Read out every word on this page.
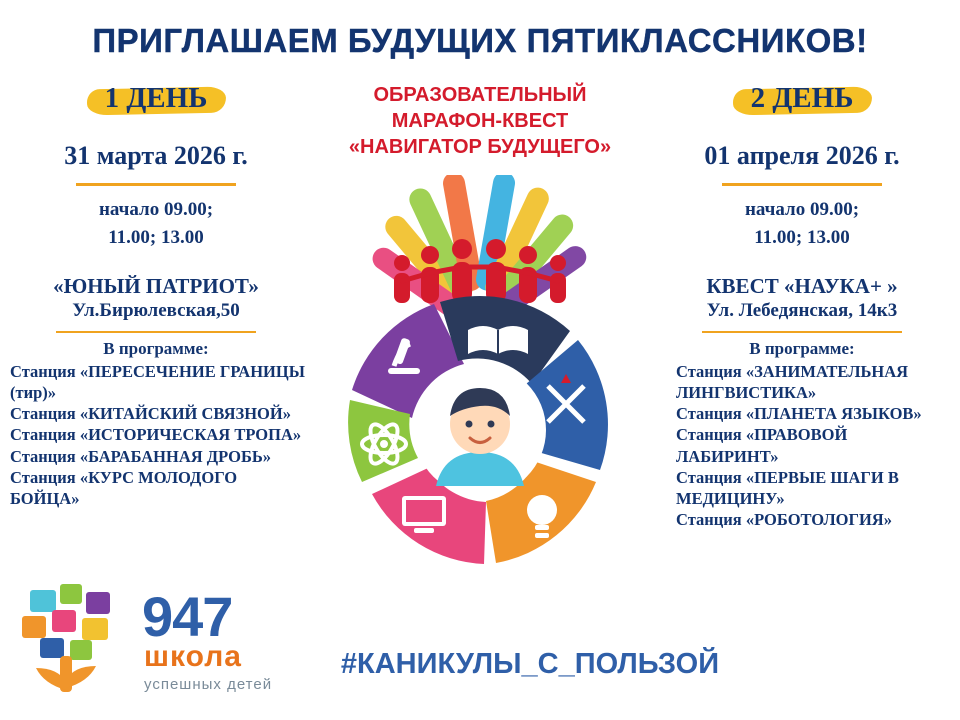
ПРИГЛАШАЕМ БУДУЩИХ ПЯТИКЛАССНИКОВ!
ОБРАЗОВАТЕЛЬНЫЙ
МАРАФОН-КВЕСТ
«НАВИГАТОР БУДУЩЕГО»
1 ДЕНЬ
31 марта 2026 г.
начало 09.00;
11.00; 13.00
«ЮНЫЙ ПАТРИОТ»
Ул.Бирюлевская,50
В программе:
Станция «ПЕРЕСЕЧЕНИЕ ГРАНИЦЫ (тир)»
Станция «КИТАЙСКИЙ СВЯЗНОЙ»
Станция «ИСТОРИЧЕСКАЯ ТРОПА»
Станция «БАРАБАННАЯ ДРОБЬ»
Станция «КУРС МОЛОДОГО БОЙЦА»
2 ДЕНЬ
01 апреля 2026 г.
начало 09.00;
11.00; 13.00
КВЕСТ «НАУКА+ »
Ул. Лебедянская, 14к3
В программе:
Станция «ЗАНИМАТЕЛЬНАЯ ЛИНГВИСТИКА»
Станция «ПЛАНЕТА ЯЗЫКОВ»
Станция «ПРАВОВОЙ ЛАБИРИНТ»
Станция «ПЕРВЫЕ ШАГИ В МЕДИЦИНУ»
Станция «РОБОТОЛОГИЯ»
#КАНИКУЛЫ_С_ПОЛЬЗОЙ
947
школа
успешных детей
